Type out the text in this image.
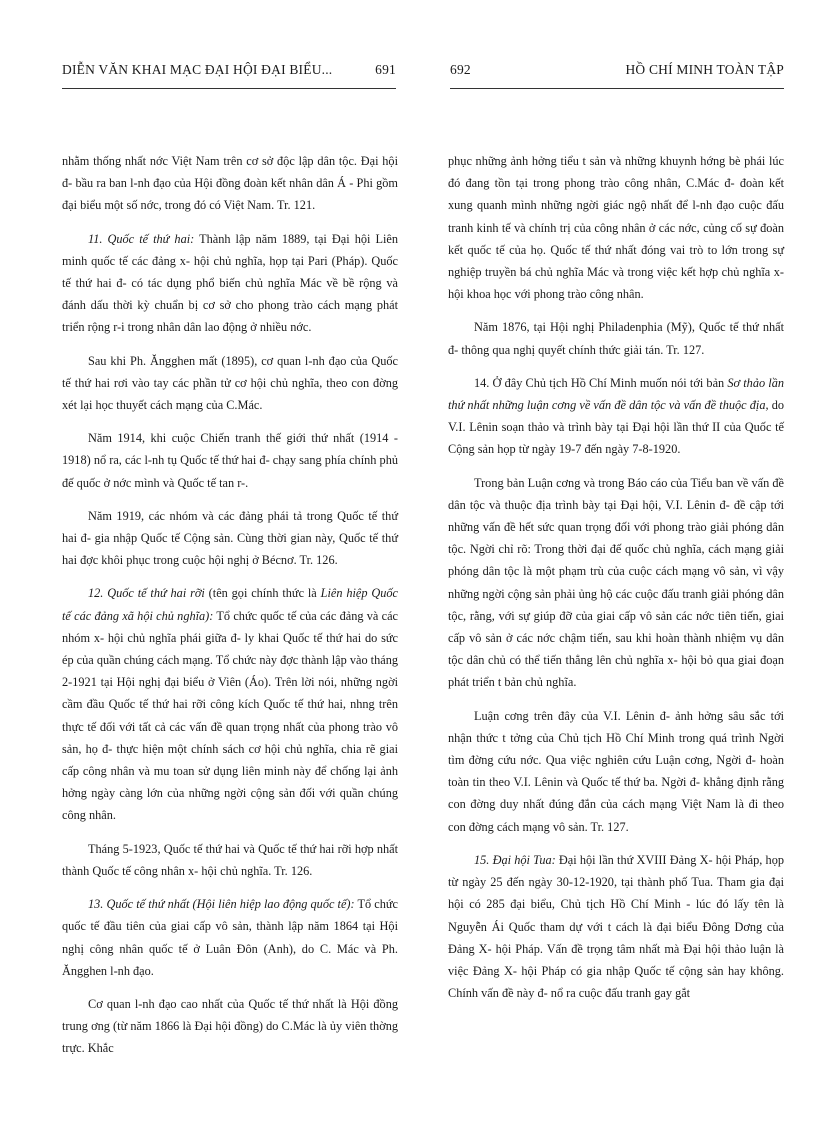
DIỄN VĂN KHAI MẠC ĐẠI HỘI ĐẠI BIỂU...	691	692	HỒ CHÍ MINH TOÀN TẬP

nhằm thống nhất nớc Việt Nam trên cơ sở độc lập dân tộc. Đại hội đ- bầu ra ban l-nh đạo của Hội đồng đoàn kết nhân dân Á - Phi gồm đại biểu một số nớc, trong đó có Việt Nam. Tr. 121.

11. Quốc tế thứ hai: Thành lập năm 1889, tại Đại hội Liên minh quốc tế các đảng x- hội chủ nghĩa, họp tại Pari (Pháp). Quốc tế thứ hai đ- có tác dụng phổ biến chủ nghĩa Mác về bề rộng và đánh dấu thời kỳ chuẩn bị cơ sở cho phong trào cách mạng phát triển rộng r-i trong nhân dân lao động ở nhiều nớc.

Sau khi Ph. Ăngghen mất (1895), cơ quan l-nh đạo của Quốc tế thứ hai rơi vào tay các phần tử cơ hội chủ nghĩa, theo con đờng xét lại học thuyết cách mạng của C.Mác.

Năm 1914, khi cuộc Chiến tranh thế giới thứ nhất (1914 - 1918) nổ ra, các l-nh tụ Quốc tế thứ hai đ- chạy sang phía chính phủ đế quốc ở nớc mình và Quốc tế tan r-.

Năm 1919, các nhóm và các đảng phái tả trong Quốc tế thứ hai đ- gia nhập Quốc tế Cộng sản. Cùng thời gian này, Quốc tế thứ hai đợc khôi phục trong cuộc hội nghị ở Bécnơ. Tr. 126.

12. Quốc tế thứ hai rỡi (tên gọi chính thức là Liên hiệp Quốc tế các đảng xã hội chủ nghĩa): Tổ chức quốc tế của các đảng và các nhóm x- hội chủ nghĩa phái giữa đ- ly khai Quốc tế thứ hai do sức ép của quần chúng cách mạng. Tổ chức này đợc thành lập vào tháng 2-1921 tại Hội nghị đại biểu ở Viên (Áo). Trên lời nói, những ngời cầm đầu Quốc tế thứ hai rỡi công kích Quốc tế thứ hai, nhng trên thực tế đối với tất cả các vấn đề quan trọng nhất của phong trào vô sản, họ đ- thực hiện một chính sách cơ hội chủ nghĩa, chia rẽ giai cấp công nhân và mu toan sử dụng liên minh này để chống lại ảnh hởng ngày càng lớn của những ngời cộng sản đối với quần chúng công nhân.

Tháng 5-1923, Quốc tế thứ hai và Quốc tế thứ hai rỡi hợp nhất thành Quốc tế công nhân x- hội chủ nghĩa. Tr. 126.

13. Quốc tế thứ nhất (Hội liên hiệp lao động quốc tế): Tổ chức quốc tế đầu tiên của giai cấp vô sản, thành lập năm 1864 tại Hội nghị công nhân quốc tế ở Luân Đôn (Anh), do C. Mác và Ph. Ăngghen l-nh đạo.

Cơ quan l-nh đạo cao nhất của Quốc tế thứ nhất là Hội đồng trung ơng (từ năm 1866 là Đại hội đồng) do C.Mác là ủy viên thờng trực. Khắc

phục những ảnh hởng tiểu t sản và những khuynh hớng bè phái lúc đó đang tồn tại trong phong trào công nhân, C.Mác đ- đoàn kết xung quanh mình những ngời giác ngộ nhất để l-nh đạo cuộc đấu tranh kinh tế và chính trị của công nhân ở các nớc, củng cố sự đoàn kết quốc tế của họ. Quốc tế thứ nhất đóng vai trò to lớn trong sự nghiệp truyền bá chủ nghĩa Mác và trong việc kết hợp chủ nghĩa x- hội khoa học với phong trào công nhân.

Năm 1876, tại Hội nghị Philadenphia (Mỹ), Quốc tế thứ nhất đ- thông qua nghị quyết chính thức giải tán. Tr. 127.

14. Ở đây Chủ tịch Hồ Chí Minh muốn nói tới bản Sơ thảo lần thứ nhất những luận cơng về vấn đề dân tộc và vấn đề thuộc địa, do V.I. Lênin soạn thảo và trình bày tại Đại hội lần thứ II của Quốc tế Cộng sản họp từ ngày 19-7 đến ngày 7-8-1920.

Trong bản Luận cơng và trong Báo cáo của Tiểu ban về vấn đề dân tộc và thuộc địa trình bày tại Đại hội, V.I. Lênin đ- đề cập tới những vấn đề hết sức quan trọng đối với phong trào giải phóng dân tộc. Ngời chỉ rõ: Trong thời đại đế quốc chủ nghĩa, cách mạng giải phóng dân tộc là một phạm trù của cuộc cách mạng vô sản, vì vậy những ngời cộng sản phải ủng hộ các cuộc đấu tranh giải phóng dân tộc, rằng, với sự giúp đỡ của giai cấp vô sản các nớc tiên tiến, giai cấp vô sản ở các nớc chậm tiến, sau khi hoàn thành nhiệm vụ dân tộc dân chủ có thể tiến thẳng lên chủ nghĩa x- hội bỏ qua giai đoạn phát triển t bản chủ nghĩa.

Luận cơng trên đây của V.I. Lênin đ- ảnh hởng sâu sắc tới nhận thức t tởng của Chủ tịch Hồ Chí Minh trong quá trình Ngời tìm đờng cứu nớc. Qua việc nghiên cứu Luận cơng, Ngời đ- hoàn toàn tin theo V.I. Lênin và Quốc tế thứ ba. Ngời đ- khẳng định rằng con đờng duy nhất đúng đắn của cách mạng Việt Nam là đi theo con đờng cách mạng vô sản. Tr. 127.

15. Đại hội Tua: Đại hội lần thứ XVIII Đảng X- hội Pháp, họp từ ngày 25 đến ngày 30-12-1920, tại thành phố Tua. Tham gia đại hội có 285 đại biểu, Chủ tịch Hồ Chí Minh - lúc đó lấy tên là Nguyễn Ái Quốc tham dự với t cách là đại biểu Đông Dơng của Đảng X- hội Pháp. Vấn đề trọng tâm nhất mà Đại hội thảo luận là việc Đảng X- hội Pháp có gia nhập Quốc tế cộng sản hay không. Chính vấn đề này đ- nổ ra cuộc đấu tranh gay gắt
